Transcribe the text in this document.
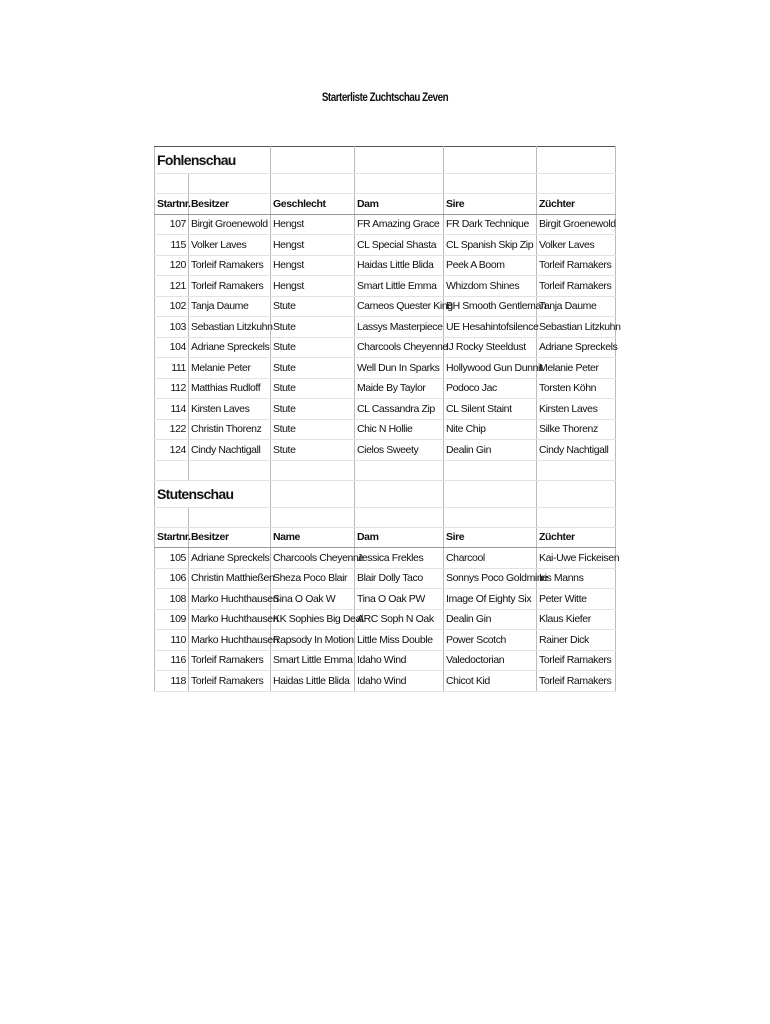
Starterliste Zuchtschau Zeven
Fohlenschau					

Startnr.	Besitzer	Geschlecht	Dam	Sire	Züchter
107	Birgit Groenewold	Hengst	FR Amazing Grace	FR Dark Technique	Birgit Groenewold
115	Volker Laves	Hengst	CL Special Shasta	CL Spanish Skip Zip	Volker Laves
120	Torleif Ramakers	Hengst	Haidas Little Blida	Peek A Boom	Torleif Ramakers
121	Torleif Ramakers	Hengst	Smart Little Emma	Whizdom Shines	Torleif Ramakers
102	Tanja Daume	Stute	Cameos Quester King	BH Smooth Gentleman	Tanja Daume
103	Sebastian Litzkuhn	Stute	Lassys Masterpiece	UE Hesahintofsilence	Sebastian Litzkuhn
104	Adriane Spreckels	Stute	Charcools Cheyenne	IJ Rocky Steeldust	Adriane Spreckels
111	Melanie Peter	Stute	Well Dun In Sparks	Hollywood Gun Dunnit	Melanie Peter
112	Matthias Rudloff	Stute	Maide By Taylor	Podoco Jac	Torsten Köhn
114	Kirsten Laves	Stute	CL Cassandra Zip	CL Silent Staint	Kirsten Laves
122	Christin Thorenz	Stute	Chic N Hollie	Nite Chip	Silke Thorenz
124	Cindy Nachtigall	Stute	Cielos Sweety	Dealin Gin	Cindy Nachtigall

Stutenschau					

Startnr.	Besitzer	Name	Dam	Sire	Züchter
105	Adriane Spreckels	Charcools Cheyenne	Jessica Frekles	Charcool	Kai-Uwe Fickeisen
106	Christin Matthießen	Sheza Poco Blair	Blair Dolly Taco	Sonnys Poco Goldmine	Iris Manns
108	Marko Huchthausen	Sina O Oak W	Tina O Oak PW	Image Of Eighty Six	Peter Witte
109	Marko Huchthausen	KK Sophies Big Deal	ARC Soph N Oak	Dealin Gin	Klaus Kiefer
110	Marko Huchthausen	Rapsody In Motion	Little Miss Double	Power Scotch	Rainer Dick
116	Torleif Ramakers	Smart Little Emma	Idaho Wind	Valedoctorian	Torleif Ramakers
118	Torleif Ramakers	Haidas Little Blida	Idaho Wind	Chicot Kid	Torleif Ramakers
